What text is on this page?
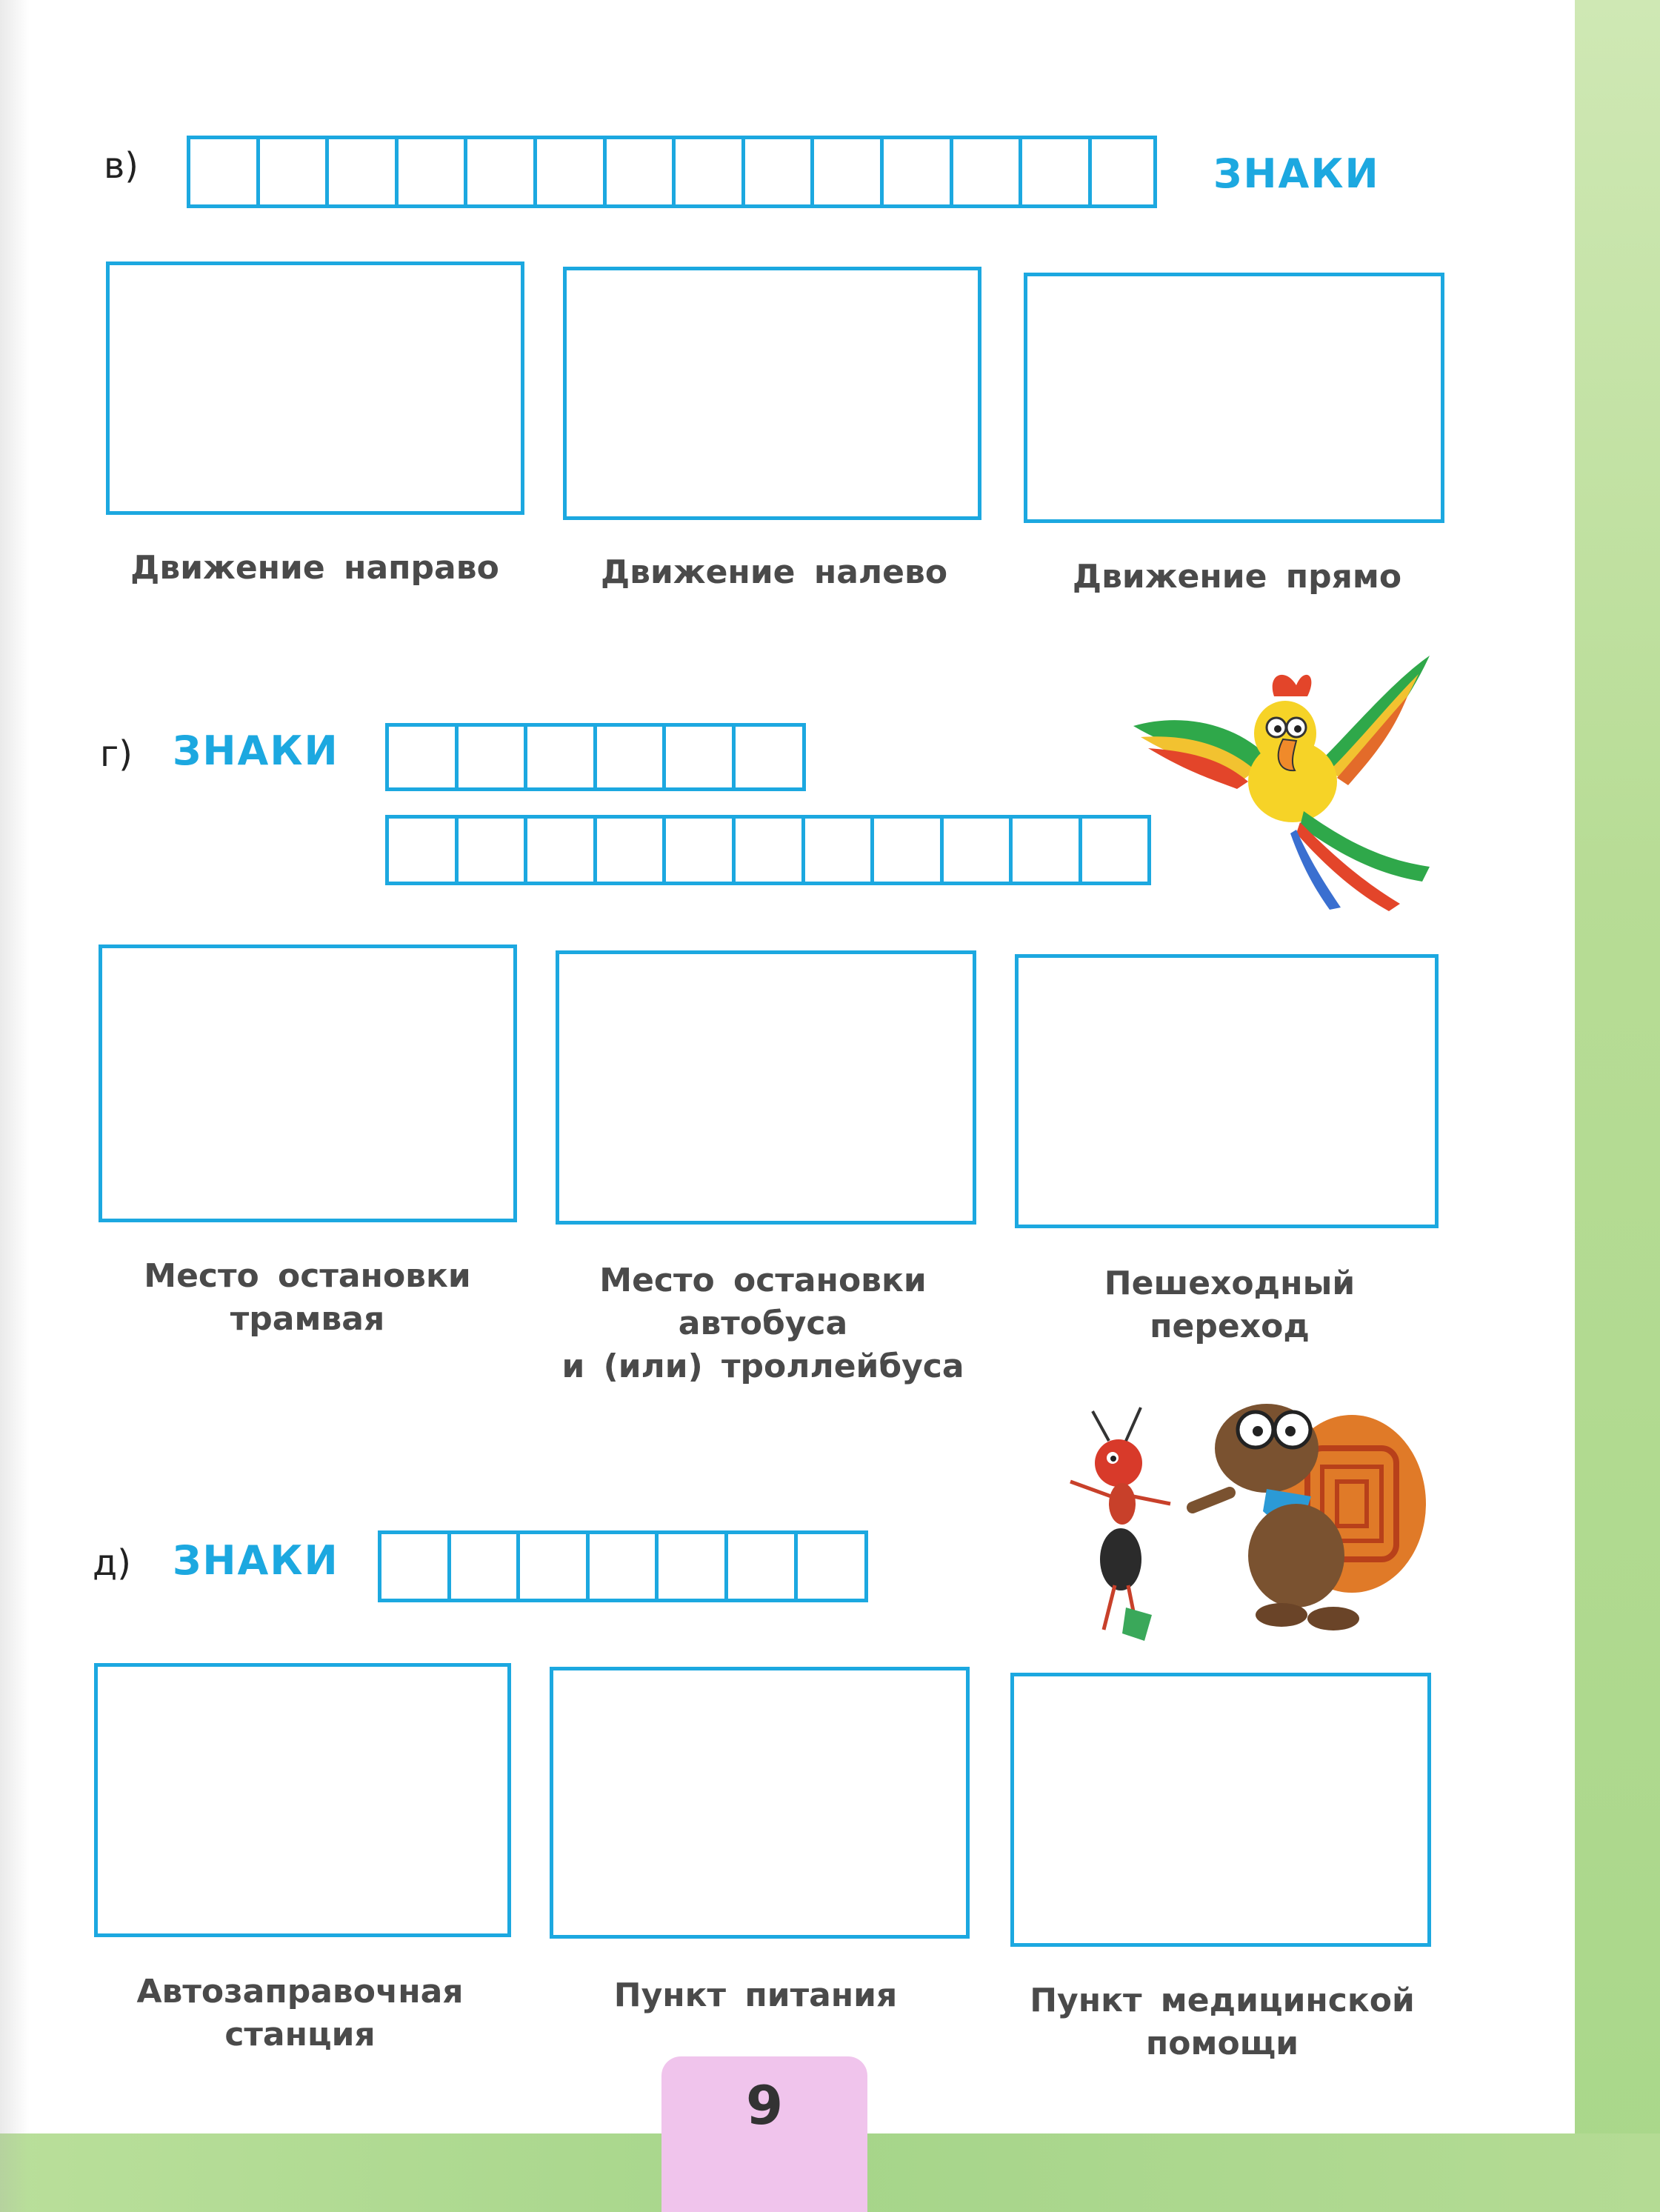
в)	ЗНАКИ
Движение направо	Движение налево	Движение прямо
г) ЗНАКИ
Место остановки
трамвая
Место остановки
автобуса
и (или) троллейбуса
Пешеходный
переход
д) ЗНАКИ
Автозаправочная
станция
Пункт питания	Пункт медицинской
помощи
9
